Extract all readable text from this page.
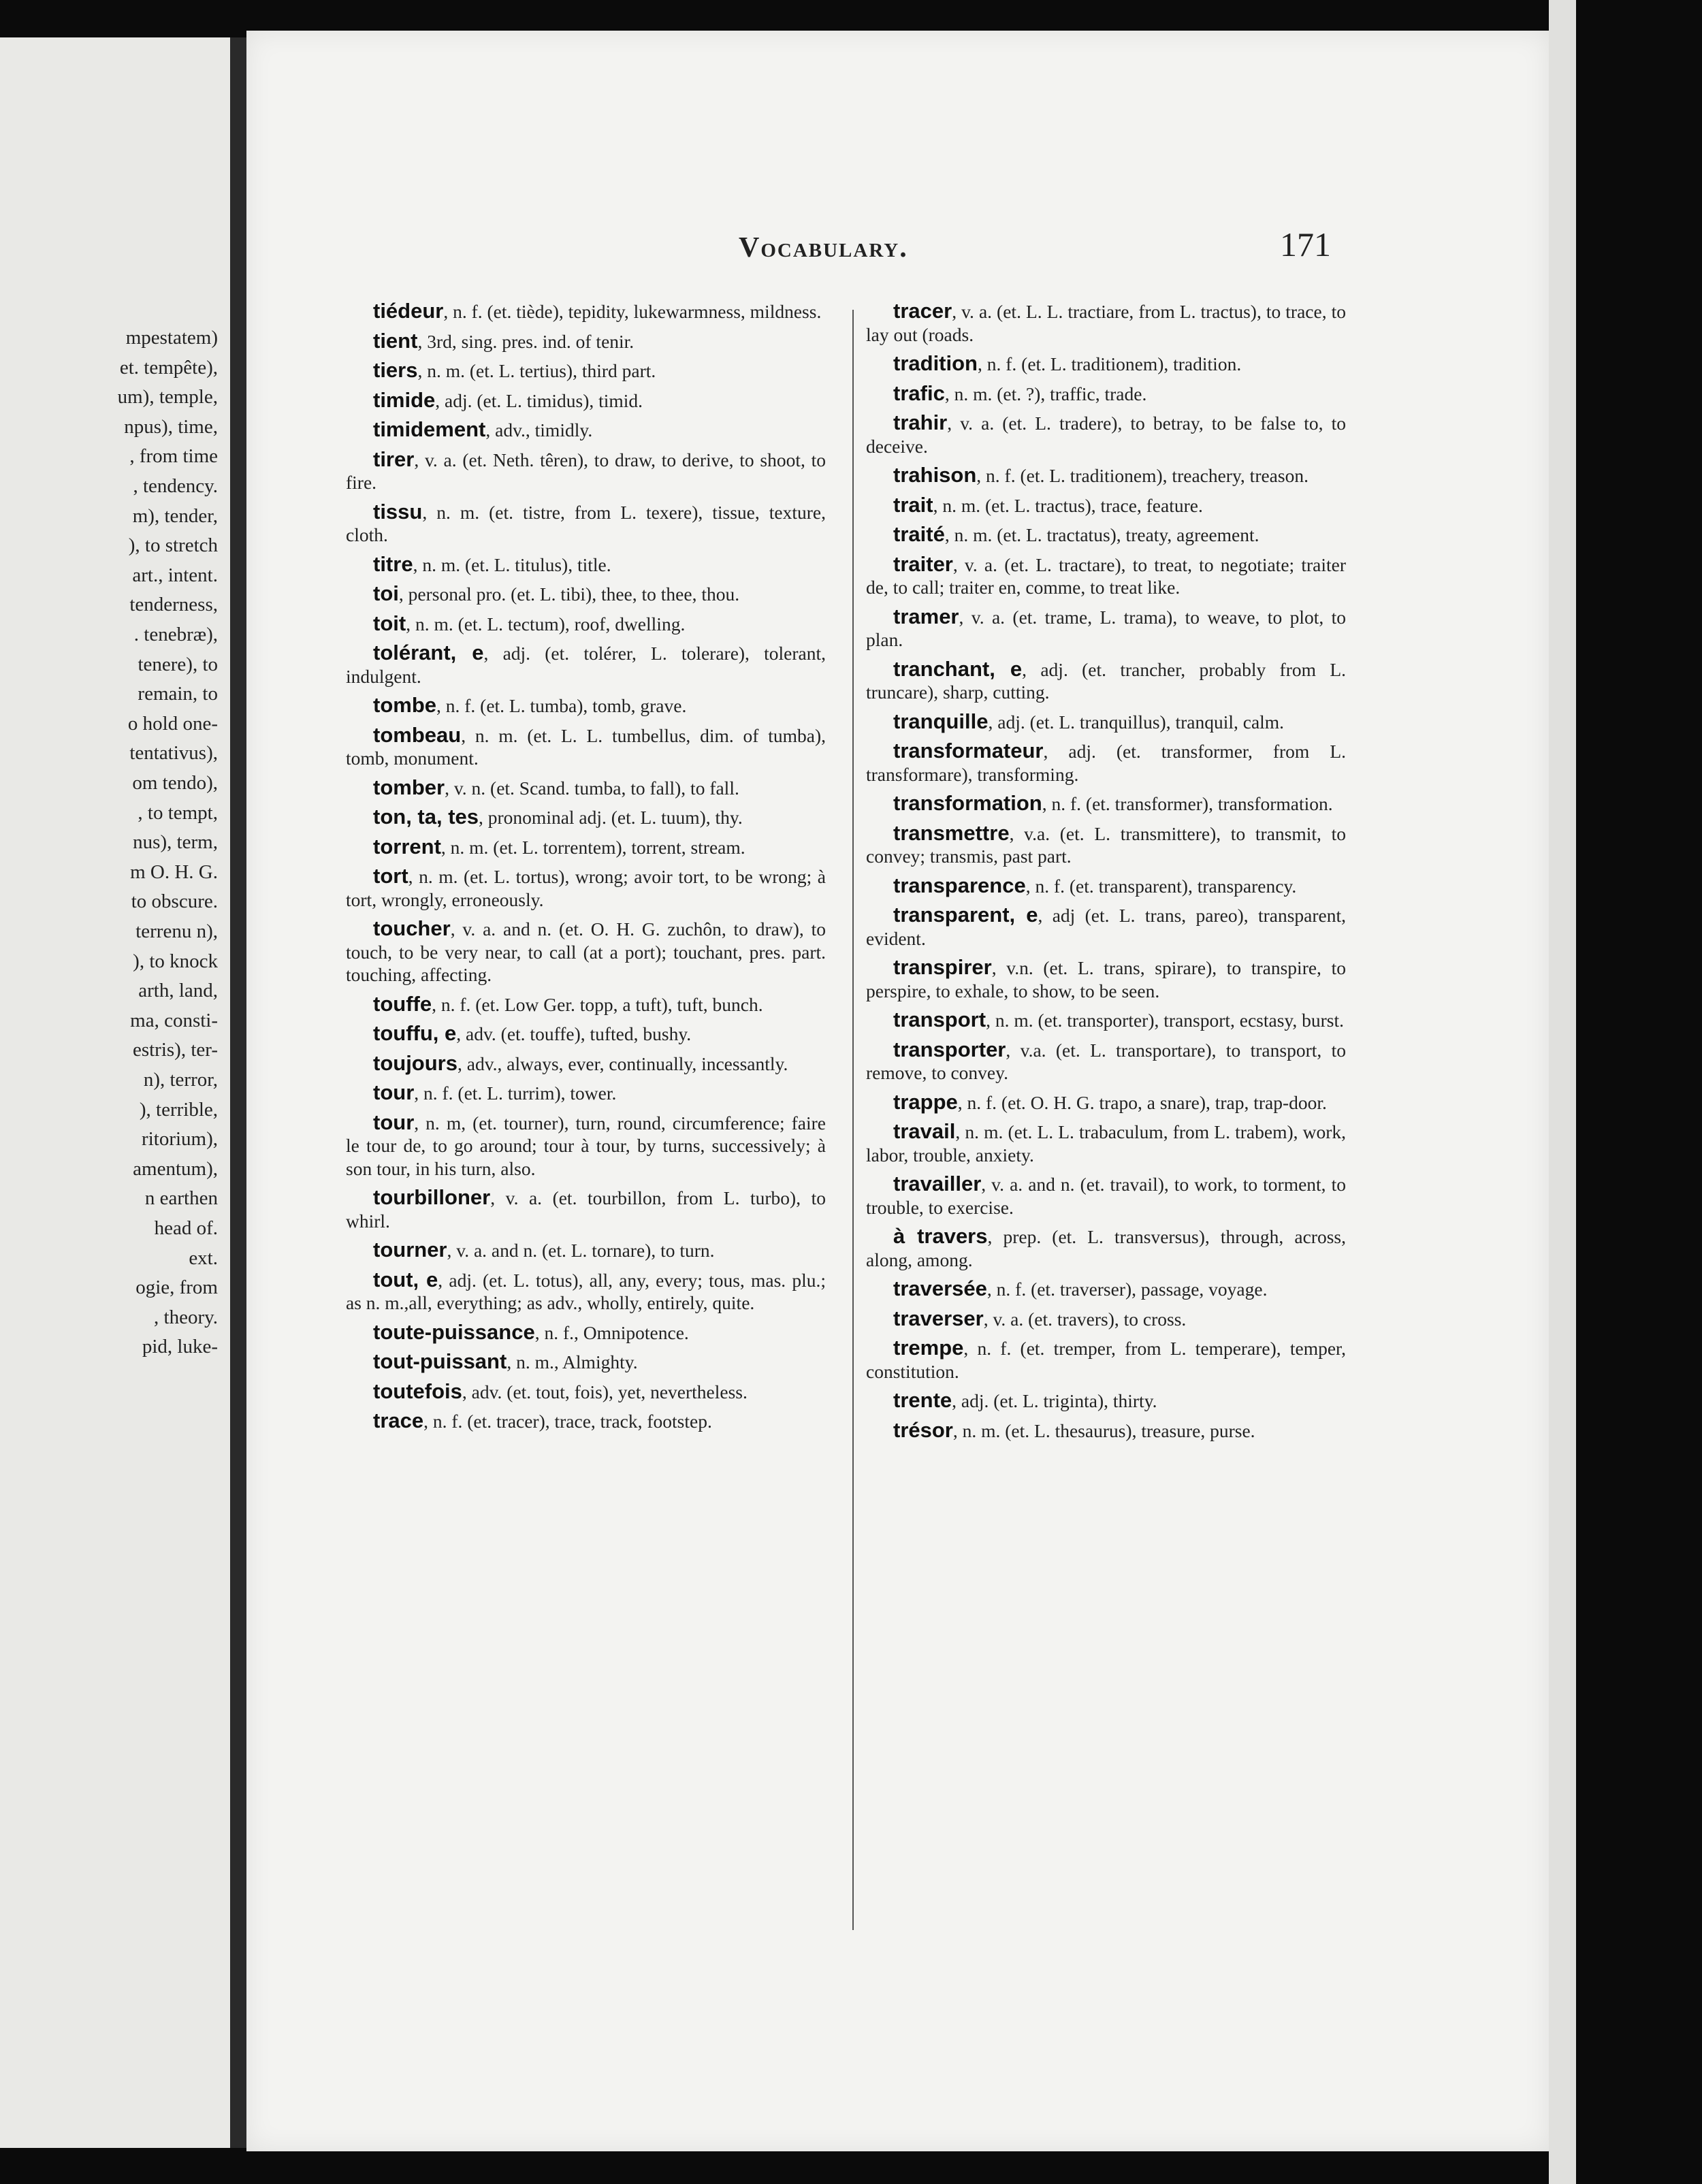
mpestatem)
et. tempête),
um), temple,
npus), time,
, from time
, tendency.
m), tender,
), to stretch
art., intent.
tenderness,
. tenebræ),
tenere), to
remain, to
o hold one-
tentativus),
om tendo),
, to tempt,
nus), term,
m O. H. G.
to obscure.
terrenu n),
), to knock
arth, land,
ma, consti-
estris), ter-
n), terror,
), terrible,
ritorium),
amentum),
n earthen
head of.
ext.
ogie, from
, theory.
pid, luke-
Vocabulary.	171

tiédeur, n. f. (et. tiède), tepidity, lukewarmness, mildness.

tient, 3rd, sing. pres. ind. of tenir.

tiers, n. m. (et. L. tertius), third part.

timide, adj. (et. L. timidus), timid.

timidement, adv., timidly.

tirer, v. a. (et. Neth. têren), to draw, to derive, to shoot, to fire.

tissu, n. m. (et. tistre, from L. texere), tissue, texture, cloth.

titre, n. m. (et. L. titulus), title.

toi, personal pro. (et. L. tibi), thee, to thee, thou.

toit, n. m. (et. L. tectum), roof, dwelling.

tolérant, e, adj. (et. tolérer, L. tolerare), tolerant, indulgent.

tombe, n. f. (et. L. tumba), tomb, grave.

tombeau, n. m. (et. L. L. tumbellus, dim. of tumba), tomb, monument.

tomber, v. n. (et. Scand. tumba, to fall), to fall.

ton, ta, tes, pronominal adj. (et. L. tuum), thy.

torrent, n. m. (et. L. torrentem), torrent, stream.

tort, n. m. (et. L. tortus), wrong; avoir tort, to be wrong; à tort, wrongly, erroneously.

toucher, v. a. and n. (et. O. H. G. zuchôn, to draw), to touch, to be very near, to call (at a port); touchant, pres. part. touching, affecting.

touffe, n. f. (et. Low Ger. topp, a tuft), tuft, bunch.

touffu, e, adv. (et. touffe), tufted, bushy.

toujours, adv., always, ever, continually, incessantly.

tour, n. f. (et. L. turrim), tower.

tour, n. m, (et. tourner), turn, round, circumference; faire le tour de, to go around; tour à tour, by turns, successively; à son tour, in his turn, also.

tourbilloner, v. a. (et. tourbillon, from L. turbo), to whirl.

tourner, v. a. and n. (et. L. tornare), to turn.

tout, e, adj. (et. L. totus), all, any, every; tous, mas. plu.; as n. m.,all, everything; as adv., wholly, entirely, quite.

toute-puissance, n. f., Omnipotence.

tout-puissant, n. m., Almighty.

toutefois, adv. (et. tout, fois), yet, nevertheless.

trace, n. f. (et. tracer), trace, track, footstep.

tracer, v. a. (et. L. L. tractiare, from L. tractus), to trace, to lay out (roads.

tradition, n. f. (et. L. traditionem), tradition.

trafic, n. m. (et. ?), traffic, trade.

trahir, v. a. (et. L. tradere), to betray, to be false to, to deceive.

trahison, n. f. (et. L. traditionem), treachery, treason.

trait, n. m. (et. L. tractus), trace, feature.

traité, n. m. (et. L. tractatus), treaty, agreement.

traiter, v. a. (et. L. tractare), to treat, to negotiate; traiter de, to call; traiter en, comme, to treat like.

tramer, v. a. (et. trame, L. trama), to weave, to plot, to plan.

tranchant, e, adj. (et. trancher, probably from L. truncare), sharp, cutting.

tranquille, adj. (et. L. tranquillus), tranquil, calm.

transformateur, adj. (et. transformer, from L. transformare), transforming.

transformation, n. f. (et. transformer), transformation.

transmettre, v.a. (et. L. transmittere), to transmit, to convey; transmis, past part.

transparence, n. f. (et. transparent), transparency.

transparent, e, adj (et. L. trans, pareo), transparent, evident.

transpirer, v.n. (et. L. trans, spirare), to transpire, to perspire, to exhale, to show, to be seen.

transport, n. m. (et. transporter), transport, ecstasy, burst.

transporter, v.a. (et. L. transportare), to transport, to remove, to convey.

trappe, n. f. (et. O. H. G. trapo, a snare), trap, trap-door.

travail, n. m. (et. L. L. trabaculum, from L. trabem), work, labor, trouble, anxiety.

travailler, v. a. and n. (et. travail), to work, to torment, to trouble, to exercise.

à travers, prep. (et. L. transversus), through, across, along, among.

traversée, n. f. (et. traverser), passage, voyage.

traverser, v. a. (et. travers), to cross.

trempe, n. f. (et. tremper, from L. temperare), temper, constitution.

trente, adj. (et. L. triginta), thirty.

trésor, n. m. (et. L. thesaurus), treasure, purse.
